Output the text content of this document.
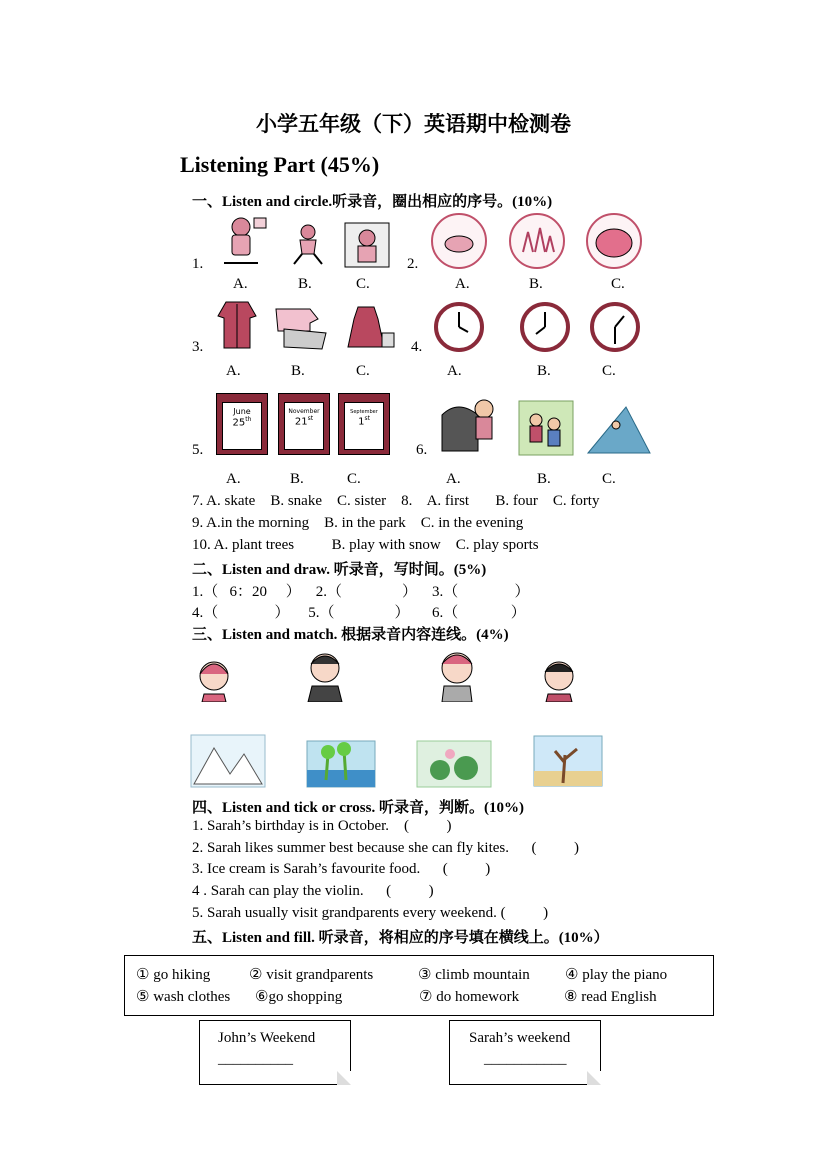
小学五年级（下）英语期中检测卷
Listening Part (45%)
一、Listen and circle.听录音，圈出相应的序号。(10%)
1.	2.
A.	B.	C.	A.	B.	C.
3.	4.
A.	B.	C.	A.	B.	C.
5.
June
25th
November
21st
September
1st
6.
A.	B.	C.	A.	B.	C.
7. A. skate    B. snake    C. sister    8.    A. first       B. four    C. forty
9. A.in the morning    B. in the park    C. in the evening
10. A. plant trees          B. play with snow    C. play sports
二、Listen and draw. 听录音，写时间。(5%)
1.（   6：20     ）    2.（                ）    3.（               ）
4.（               ）     5.（                ）      6.（              ）
三、Listen and match. 根据录音内容连线。(4%)
四、Listen and tick or cross. 听录音，判断。(10%)
1. Sarah’s birthday is in October.    (          )
2. Sarah likes summer best because she can fly kites.      (          )
3. Ice cream is Sarah’s favourite food.      (          )
4 . Sarah can play the violin.      (          )
5. Sarah usually visit grandparents every weekend. (          )
五、Listen and fill. 听录音，将相应的序号填在横线上。(10%）
① go hiking	② visit grandparents	③ climb mountain ④ play the piano
⑤ wash clothes ⑥go shopping	⑦ do homework	⑧ read English
John’s Weekend
__________
Sarah’s weekend
___________
